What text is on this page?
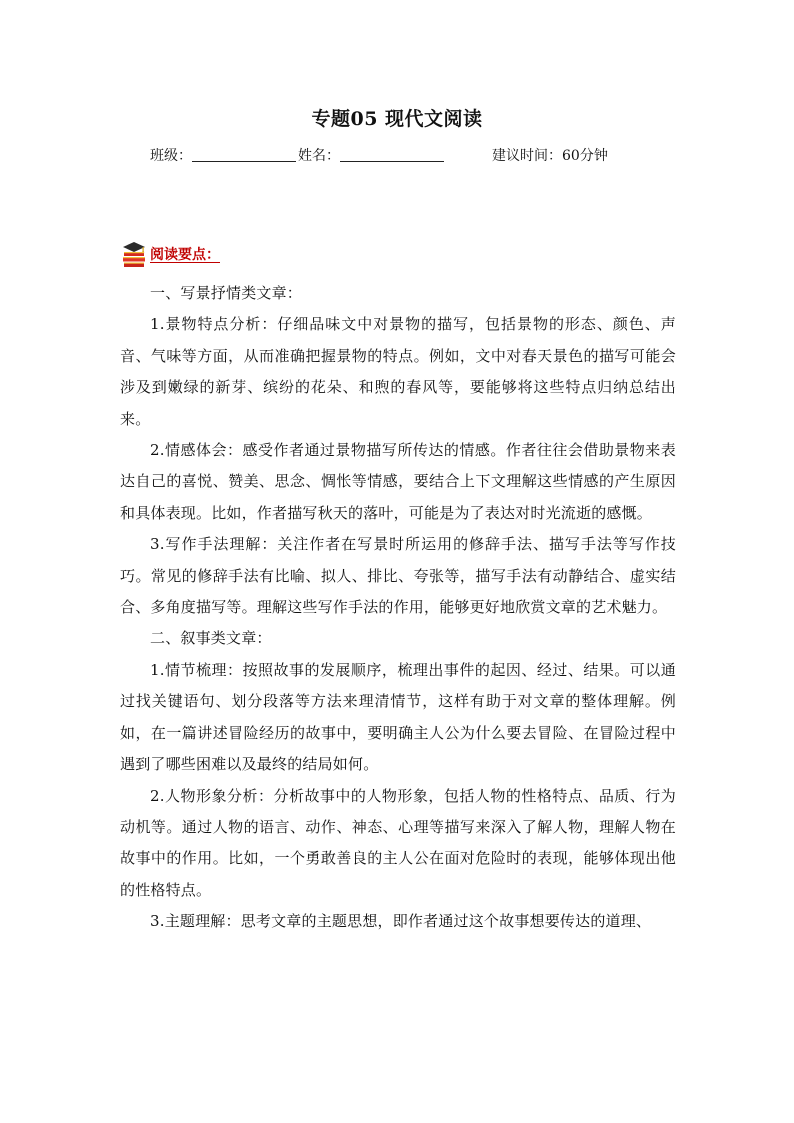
专题05 现代文阅读
班级：	姓名：	建议时间：60分钟
阅读要点：

一、写景抒情类文章：

1.景物特点分析：仔细品味文中对景物的描写，包括景物的形态、颜色、声音、气味等方面，从而准确把握景物的特点。例如，文中对春天景色的描写可能会涉及到嫩绿的新芽、缤纷的花朵、和煦的春风等，要能够将这些特点归纳总结出来。

2.情感体会：感受作者通过景物描写所传达的情感。作者往往会借助景物来表达自己的喜悦、赞美、思念、惆怅等情感，要结合上下文理解这些情感的产生原因和具体表现。比如，作者描写秋天的落叶，可能是为了表达对时光流逝的感慨。

3.写作手法理解：关注作者在写景时所运用的修辞手法、描写手法等写作技巧。常见的修辞手法有比喻、拟人、排比、夸张等，描写手法有动静结合、虚实结合、多角度描写等。理解这些写作手法的作用，能够更好地欣赏文章的艺术魅力。

二、叙事类文章：

1.情节梳理：按照故事的发展顺序，梳理出事件的起因、经过、结果。可以通过找关键语句、划分段落等方法来理清情节，这样有助于对文章的整体理解。例如，在一篇讲述冒险经历的故事中，要明确主人公为什么要去冒险、在冒险过程中遇到了哪些困难以及最终的结局如何。

2.人物形象分析：分析故事中的人物形象，包括人物的性格特点、品质、行为动机等。通过人物的语言、动作、神态、心理等描写来深入了解人物，理解人物在故事中的作用。比如，一个勇敢善良的主人公在面对危险时的表现，能够体现出他的性格特点。

3.主题理解：思考文章的主题思想，即作者通过这个故事想要传达的道理、
